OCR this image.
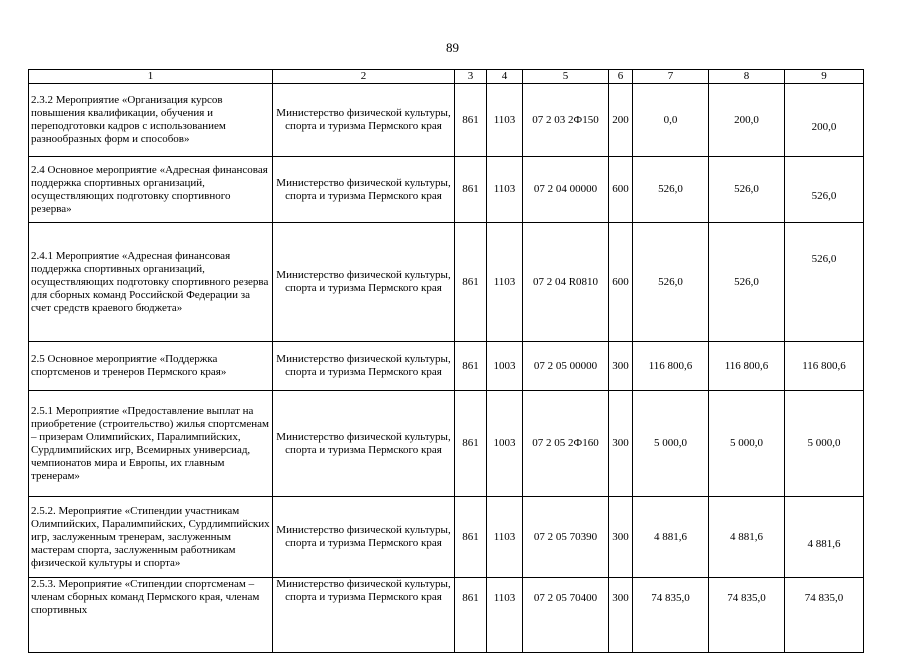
89
1	2	3	4	5	6	7	8	9
2.3.2 Мероприятие «Организация курсов повышения квалификации, обучения и переподготовки кадров с использованием разнообразных форм и способов»	Министерство физической культуры, спорта и туризма Пермского края	861	1103	07 2 03 2Ф150	200	0,0	200,0	200,0
2.4 Основное мероприятие «Адресная финансовая поддержка спортивных организаций, осуществляющих подготовку спортивного резерва»	Министерство физической культуры, спорта и туризма Пермского края	861	1103	07 2 04 00000	600	526,0	526,0	526,0
2.4.1 Мероприятие «Адресная финансовая поддержка спортивных организаций, осуществляющих подготовку спортивного резерва для сборных команд Российской Федерации за счет средств краевого бюджета»	Министерство физической культуры, спорта и туризма Пермского края	861	1103	07 2 04 R0810	600	526,0	526,0	526,0
2.5 Основное мероприятие «Поддержка спортсменов и тренеров Пермского края»	Министерство физической культуры, спорта и туризма Пермского края	861	1003	07 2 05 00000	300	116 800,6	116 800,6	116 800,6
2.5.1 Мероприятие «Предоставление выплат на приобретение (строительство) жилья спортсменам – призерам Олимпийских, Паралимпийских, Сурдлимпийских игр, Всемирных универсиад, чемпионатов мира и Европы, их главным тренерам»	Министерство физической культуры, спорта и туризма Пермского края	861	1003	07 2 05 2Ф160	300	5 000,0	5 000,0	5 000,0
2.5.2. Мероприятие «Стипендии участникам Олимпийских, Паралимпийских, Сурдлимпийских игр, заслуженным тренерам, заслуженным мастерам спорта, заслуженным работникам физической культуры и спорта»	Министерство физической культуры, спорта и туризма Пермского края	861	1103	07 2 05 70390	300	4 881,6	4 881,6	4 881,6
2.5.3. Мероприятие «Стипендии спортсменам – членам сборных команд Пермского края, членам спортивных	Министерство физической культуры, спорта и туризма Пермского края	861	1103	07 2 05 70400	300	74 835,0	74 835,0	74 835,0
